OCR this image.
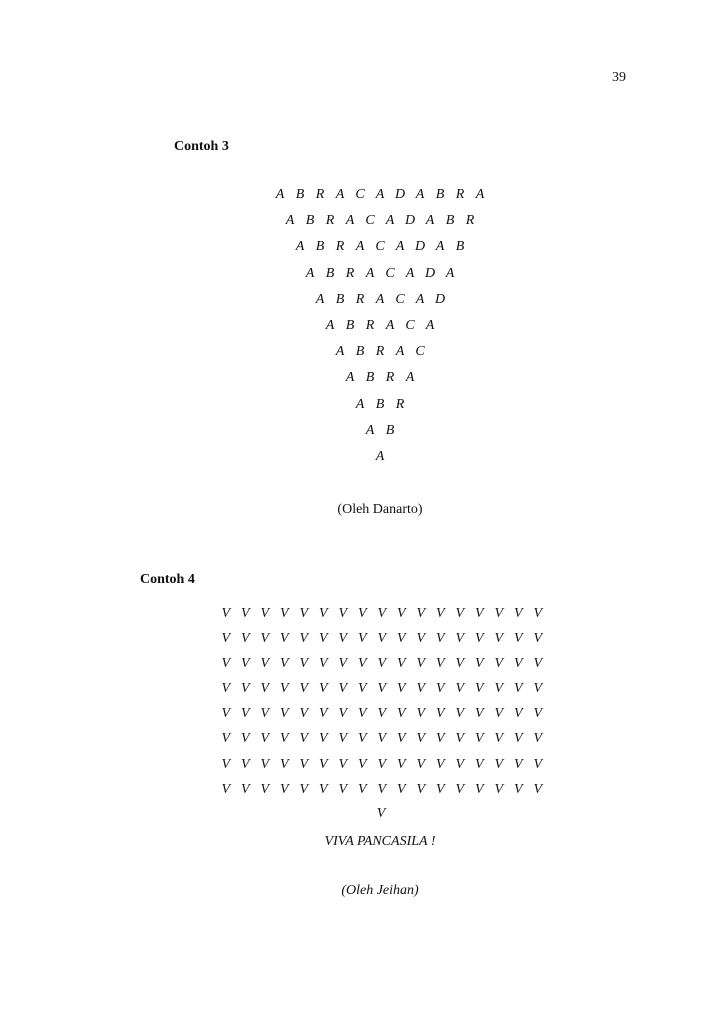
39
Contoh 3
A B R A C A D A B R A
A B R A C A D A B R
A B R A C A D A B
A B R A C A D A
A B R A C A D
A B R A C A
A B R A C
A B R A
A B R
A B
A
(Oleh Danarto)
Contoh 4
V V V V V V V V V V V V V V V V V
V V V V V V V V V V V V V V V V V
V V V V V V V V V V V V V V V V V
V V V V V V V V V V V V V V V V V
V V V V V V V V V V V V V V V V V
V V V V V V V V V V V V V V V V V
V V V V V V V V V V V V V V V V V
V V V V V V V V V V V V V V V V V
V
VIVA PANCASILA !
(Oleh Jeihan)
